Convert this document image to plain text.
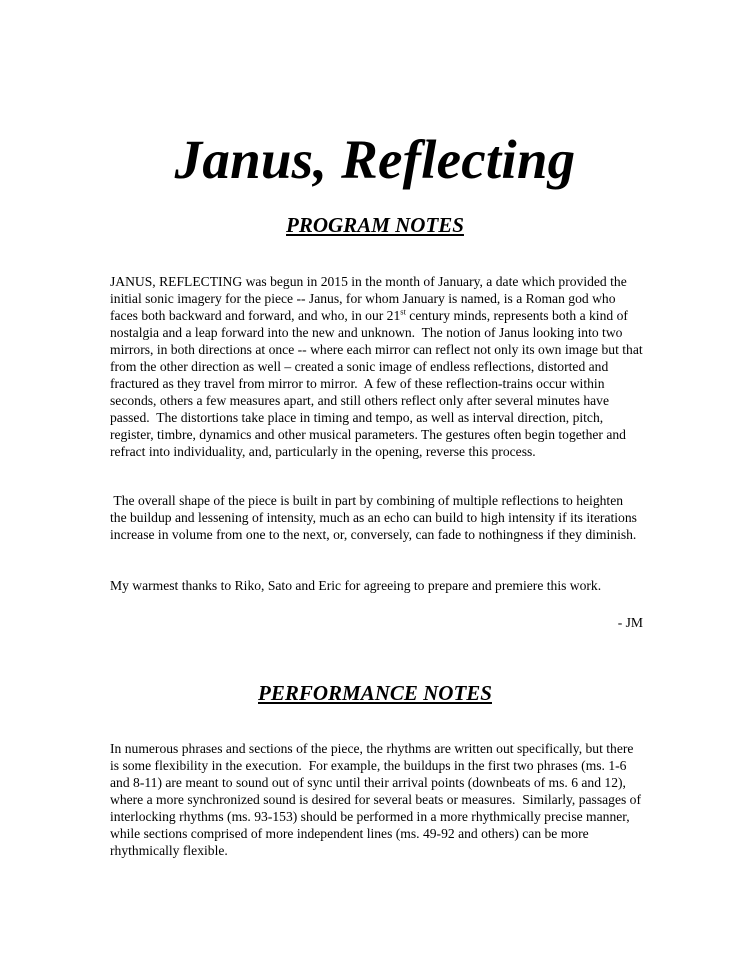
Janus, Reflecting
PROGRAM NOTES

JANUS, REFLECTING was begun in 2015 in the month of January, a date which provided the initial sonic imagery for the piece -- Janus, for whom January is named, is a Roman god who faces both backward and forward, and who, in our 21st century minds, represents both a kind of nostalgia and a leap forward into the new and unknown.  The notion of Janus looking into two mirrors, in both directions at once -- where each mirror can reflect not only its own image but that from the other direction as well – created a sonic image of endless reflections, distorted and fractured as they travel from mirror to mirror.  A few of these reflection-trains occur within seconds, others a few measures apart, and still others reflect only after several minutes have passed.  The distortions take place in timing and tempo, as well as interval direction, pitch, register, timbre, dynamics and other musical parameters. The gestures often begin together and refract into individuality, and, particularly in the opening, reverse this process.

The overall shape of the piece is built in part by combining of multiple reflections to heighten the buildup and lessening of intensity, much as an echo can build to high intensity if its iterations increase in volume from one to the next, or, conversely, can fade to nothingness if they diminish.

My warmest thanks to Riko, Sato and Eric for agreeing to prepare and premiere this work.

- JM
PERFORMANCE NOTES

In numerous phrases and sections of the piece, the rhythms are written out specifically, but there is some flexibility in the execution.  For example, the buildups in the first two phrases (ms. 1-6 and 8-11) are meant to sound out of sync until their arrival points (downbeats of ms. 6 and 12), where a more synchronized sound is desired for several beats or measures.  Similarly, passages of interlocking rhythms (ms. 93-153) should be performed in a more rhythmically precise manner, while sections comprised of more independent lines (ms. 49-92 and others) can be more rhythmically flexible.
